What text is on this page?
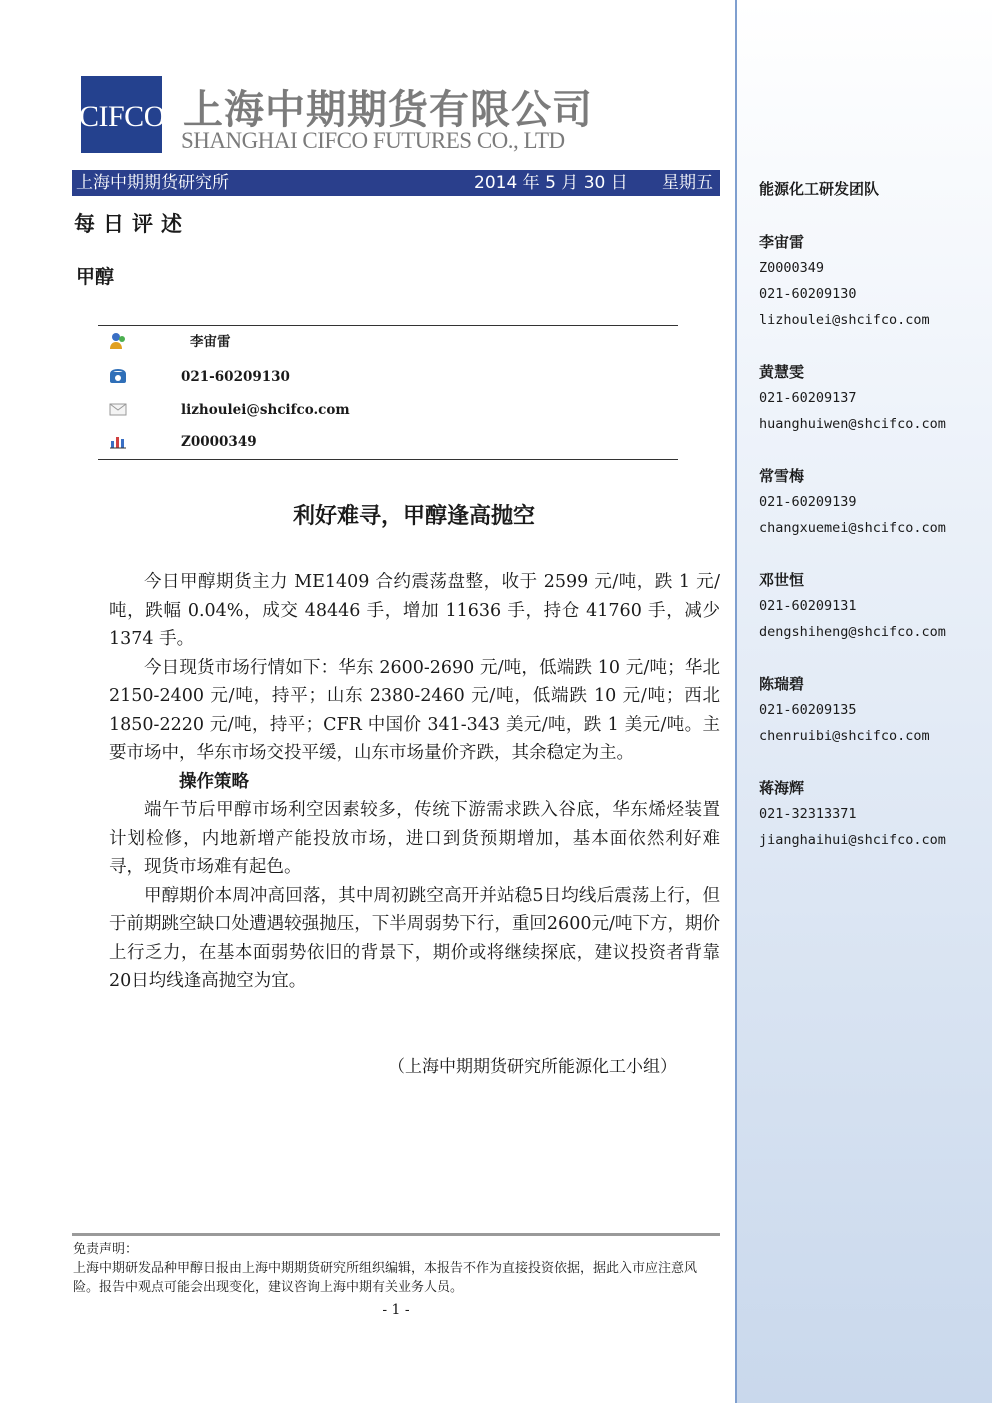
能源化工研发团队
李宙雷
Z0000349
021-60209130
lizhoulei@shcifco.com
黄慧雯
021-60209137
huanghuiwen@shcifco.com
常雪梅
021-60209139
changxuemei@shcifco.com
邓世恒
021-60209131
dengshiheng@shcifco.com
陈瑞碧
021-60209135
chenruibi@shcifco.com
蒋海辉
021-32313371
jianghaihui@shcifco.com
CIFCO 上海中期期货有限公司
SHANGHAI CIFCO FUTURES CO., LTD
上海中期期货研究所	2014 年 5 月 30 日 星期五
每日评述
甲醇
李宙雷
021-60209130
lizhoulei@shcifco.com
Z0000349
利好难寻，甲醇逢高抛空

今日甲醇期货主力 ME1409 合约震荡盘整，收于 2599 元/吨，跌 1 元/吨，跌幅 0.04%，成交 48446 手，增加 11636 手，持仓 41760 手，减少 1374 手。

今日现货市场行情如下：华东 2600-2690 元/吨，低端跌 10 元/吨；华北 2150-2400 元/吨，持平；山东 2380-2460 元/吨，低端跌 10 元/吨；西北 1850-2220 元/吨，持平；CFR 中国价 341-343 美元/吨，跌 1 美元/吨。主要市场中，华东市场交投平缓，山东市场量价齐跌，其余稳定为主。

操作策略

端午节后甲醇市场利空因素较多，传统下游需求跌入谷底，华东烯烃装置计划检修，内地新增产能投放市场，进口到货预期增加，基本面依然利好难寻，现货市场难有起色。

甲醇期价本周冲高回落，其中周初跳空高开并站稳5日均线后震荡上行，但于前期跳空缺口处遭遇较强抛压，下半周弱势下行，重回2600元/吨下方，期价上行乏力，在基本面弱势依旧的背景下，期价或将继续探底，建议投资者背靠20日均线逢高抛空为宜。

（上海中期期货研究所能源化工小组）
免责声明：
上海中期研发品种甲醇日报由上海中期期货研究所组织编辑，本报告不作为直接投资依据，据此入市应注意风险。报告中观点可能会出现变化，建议咨询上海中期有关业务人员。
- 1 -
